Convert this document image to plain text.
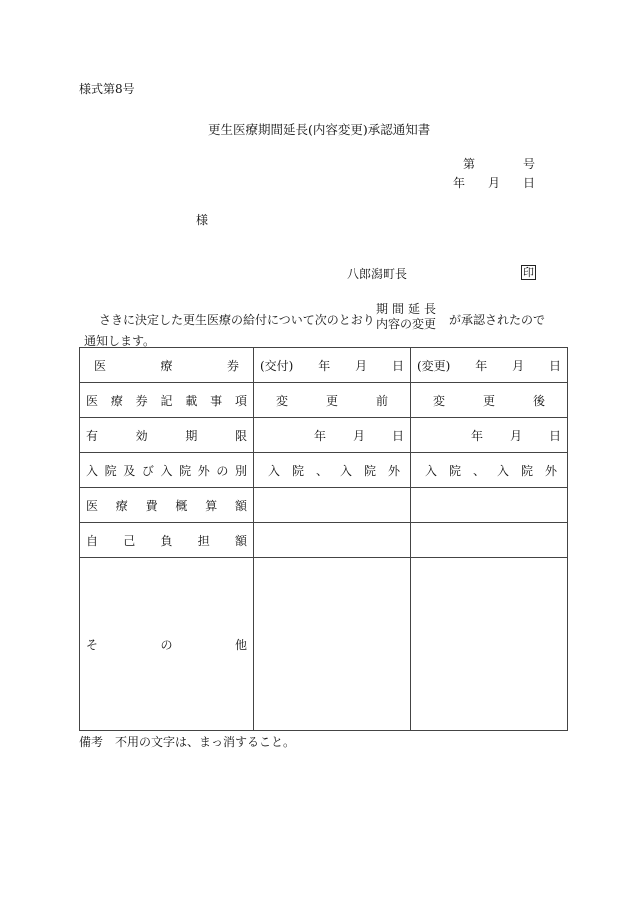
様式第8号
更生医療期間延長(内容変更)承認通知書
第	号
年 月 日
様
八郎潟町長	印
さきに決定した更生医療の給付について次のとおり
期間延長
内容の変更 が承認されたので
通知します。
医療券	(交付) 年 月 日	(変更) 年 月 日

医療券記載事項	変更前	変更後

有効期限	年 月 日	年 月 日

入院及び入院外の別	入院、入院外	入院、入院外

医療費概算額		

自己負担額		

その他		

備考　不用の文字は、まっ消すること。
